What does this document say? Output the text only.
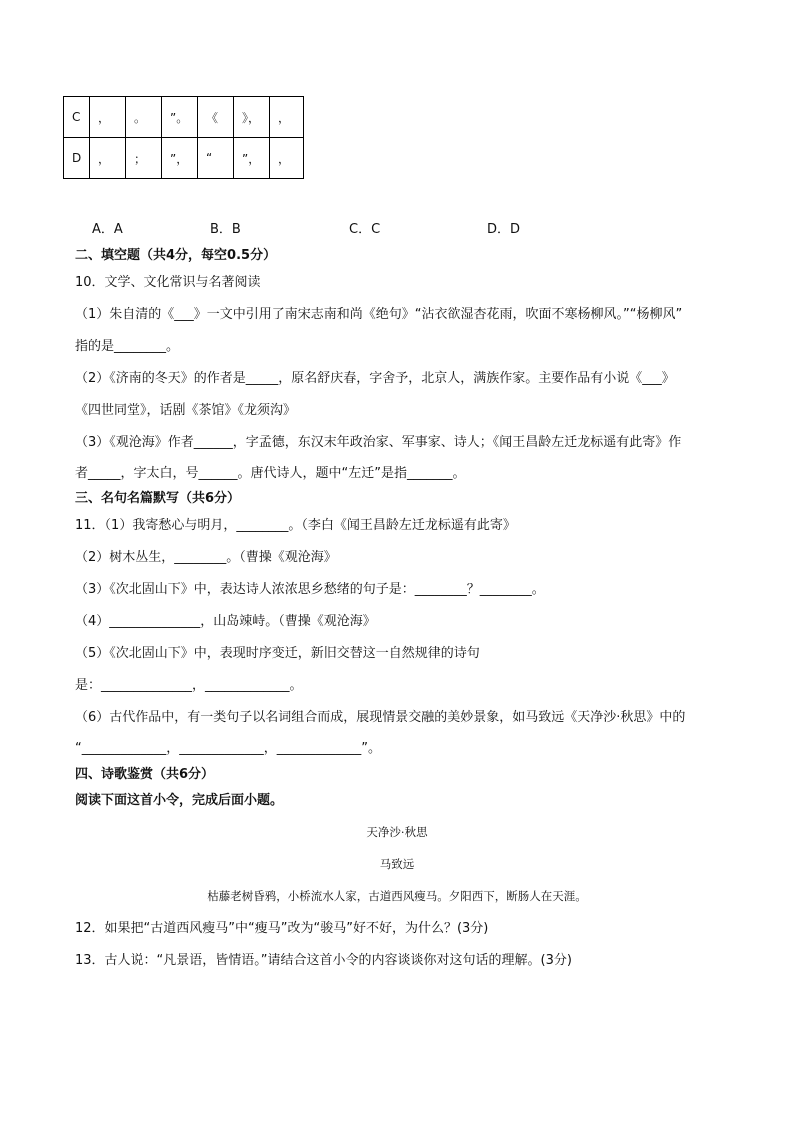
C	，	。	”。	《	》，	，
D	，	；	”，	“	”，	，
A．A	B．B	C．C	D．D
二、填空题（共4分，每空0.5分）
10．文学、文化常识与名著阅读
（1）朱自清的《___》一文中引用了南宋志南和尚《绝句》“沾衣欲湿杏花雨，吹面不寒杨柳风。”“杨柳风”
指的是________。
（2）《济南的冬天》的作者是_____，原名舒庆春，字舍予，北京人，满族作家。主要作品有小说《___》
《四世同堂》，话剧《茶馆》《龙须沟》
（3）《观沧海》作者______，字孟德，东汉末年政治家、军事家、诗人；《闻王昌龄左迁龙标遥有此寄》作
者_____，字太白，号______。唐代诗人，题中“左迁”是指_______。
三、名句名篇默写（共6分）
11．（1）我寄愁心与明月，________。（李白《闻王昌龄左迁龙标遥有此寄》
（2）树木丛生，________。（曹操《观沧海》
（3）《次北固山下》中，表达诗人浓浓思乡愁绪的句子是：________？________。
（4）______________，山岛竦峙。（曹操《观沧海》
（5）《次北固山下》中，表现时序变迁，新旧交替这一自然规律的诗句
是：______________，_____________。
（6）古代作品中，有一类句子以名词组合而成，展现情景交融的美妙景象，如马致远《天净沙·秋思》中的
“_____________，_____________，_____________”。
四、诗歌鉴赏（共6分）
阅读下面这首小令，完成后面小题。
天净沙·秋思
马致远
枯藤老树昏鸦，小桥流水人家，古道西风瘦马。夕阳西下，断肠人在天涯。
12．如果把“古道西风瘦马”中“瘦马”改为“骏马”好不好，为什么？(3分)
13．古人说：“凡景语，皆情语。”请结合这首小令的内容谈谈你对这句话的理解。(3分)
